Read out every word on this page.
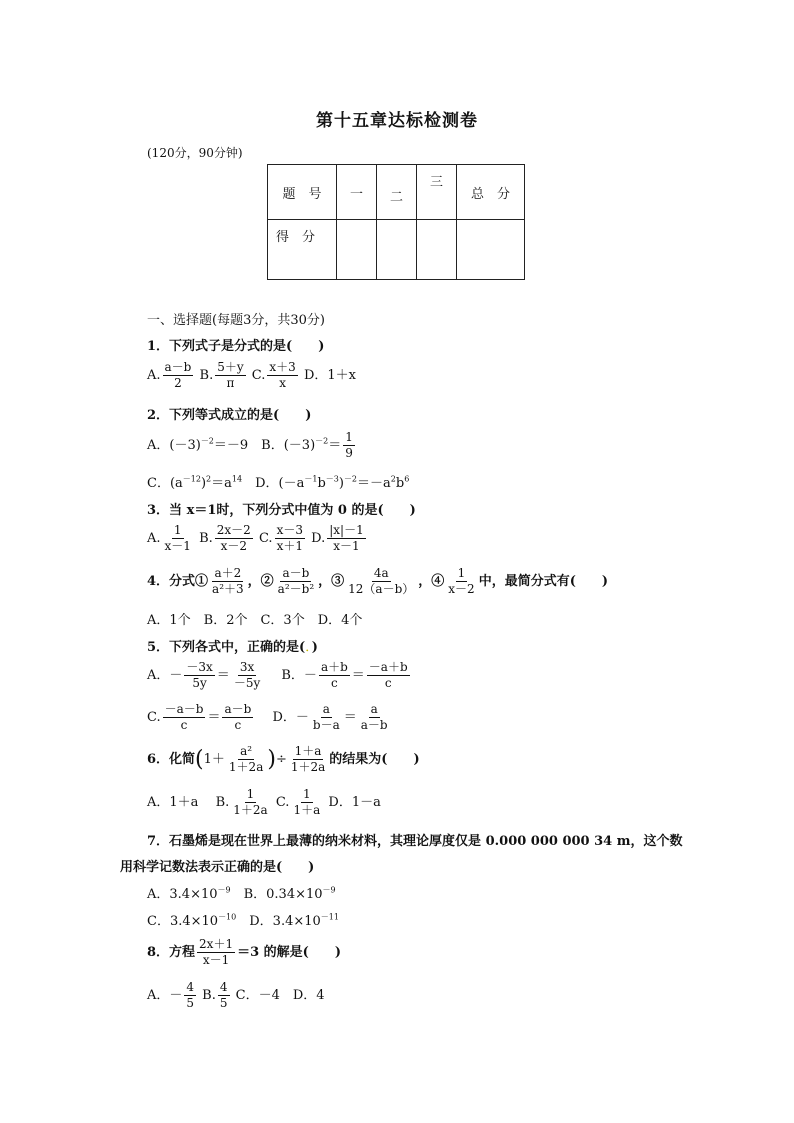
第十五章达标检测卷
(120分，90分钟)
题　号	一	二	三	总　分
得　分				
一、选择题(每题3分，共30分)
1．下列式子是分式的是(　　)
A. $\frac{a-b}{2} B$. $\frac{5+y}{\pi} C$. $\frac{x+3}{x}$ D．1＋x
2．下列等式成立的是(　　)
A．$(-3)^{-2}=-9$　B．$(-3)^{-2}= \frac{1}{9}$
C．$(a^{-12})^2=a^{14}$　D．$(-a^{-1}b^{-3})^{-2}=-a^2b^6$
3．当 x＝1时，下列分式中值为 0 的是(　　)
A. $\frac{1}{x-1} B$. $\frac{2x-2}{x-2} C$. $\frac{x-3}{x+1} D$. $\frac{|x|-1}{x-1}$
4．分式① $\frac{a+2}{\text{a²＋3}}$ ，② $\frac{a-b}{\text{a²－b²}}$ ，③ $\frac{4a}{12(a-b)}$ ，④ $\frac{1}{x-2}$ 中，最简分式有(　　)
A．1个　B．2个　C．3个　D．4个
5．下列各式中，正确的是(．)
A．－ $\frac{-3x}{5y} = \frac{3x}{-5y}$ 　B．－ $\frac{a+b}{c} = \frac{-a+b}{c}$
C. $\frac{-a-b}{c} = \frac{a-b}{c}$ 　D．－ $\frac{a}{b-a} = \frac{a}{a-b}$
6．化简($1+ \frac{\text{a²}}{1+2a}$ )÷ $\frac{1+a}{1+2a}$ 的结果为(　　)
A．1＋a　 B. $\frac{1}{1+2a} C$. $\frac{1}{1+a}$ D．1－a
7．石墨烯是现在世界上最薄的纳米材料，其理论厚度仅是 0.000 000 000 34 m，这个数
用科学记数法表示正确的是(　　)
A．$3.4\times 10^{-9}$　B．$0.34\times 10^{-9}$
C．$3.4\times 10^{-10}$　D．$3.4\times 10^{-11}$
8．方程 $\frac{2x+1}{x-1} =3$ 的解是(　　)
A．－ $\frac{4}{5} B$. $\frac{4}{5}$ C．－4　D．4
